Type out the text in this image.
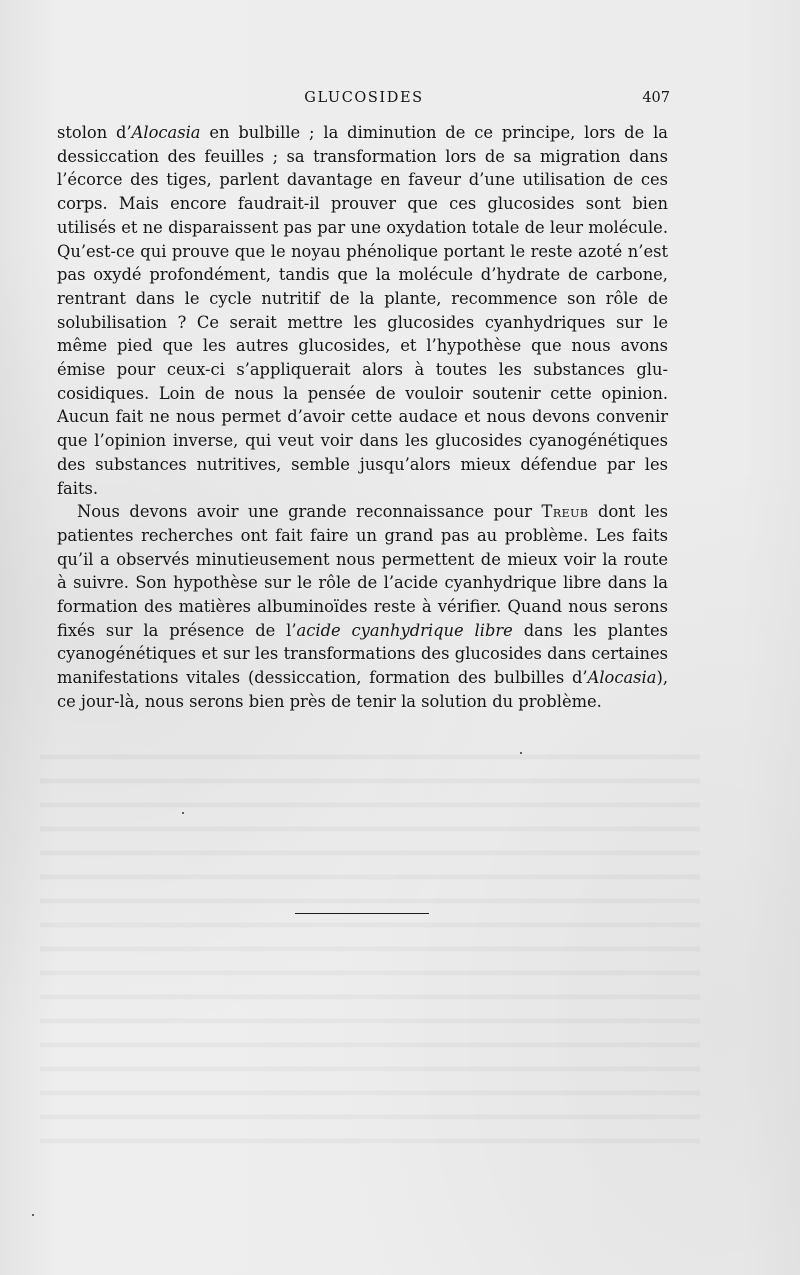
GLUCOSIDES	407

stolon d’Alocasia en bulbille ; la diminution de ce principe, lors de la dessiccation des feuilles ; sa transformation lors de sa migration dans l’écorce des tiges, parlent davantage en faveur d’une utilisation de ces corps. Mais encore faudrait-il prouver que ces glucosides sont bien utilisés et ne disparaissent pas par une oxydation totale de leur molécule. Qu’est-ce qui prouve que le noyau phénolique portant le reste azoté n’est pas oxydé profondément, tandis que la molécule d’hydrate de carbone, rentrant dans le cycle nutritif de la plante, recommence son rôle de solubilisation ? Ce serait mettre les glucosides cyanhydriques sur le même pied que les autres glucosides, et l’hypothèse que nous avons émise pour ceux-ci s’appliquerait alors à toutes les substances glucosidiques. Loin de nous la pensée de vouloir soutenir cette opinion. Aucun fait ne nous permet d’avoir cette audace et nous devons convenir que l’opinion inverse, qui veut voir dans les glucosides cyanogénétiques des substances nutritives, semble jusqu’alors mieux défendue par les faits.

Nous devons avoir une grande reconnaissance pour Treub dont les patientes recherches ont fait faire un grand pas au problème. Les faits qu’il a observés minutieusement nous permettent de mieux voir la route à suivre. Son hypothèse sur le rôle de l’acide cyanhydrique libre dans la formation des matières albuminoïdes reste à vérifier. Quand nous serons fixés sur la présence de l’acide cyanhydrique libre dans les plantes cyanogénétiques et sur les transformations des glucosides dans certaines manifestations vitales (dessiccation, formation des bulbilles d’Alocasia), ce jour-là, nous serons bien près de tenir la solution du problème.
